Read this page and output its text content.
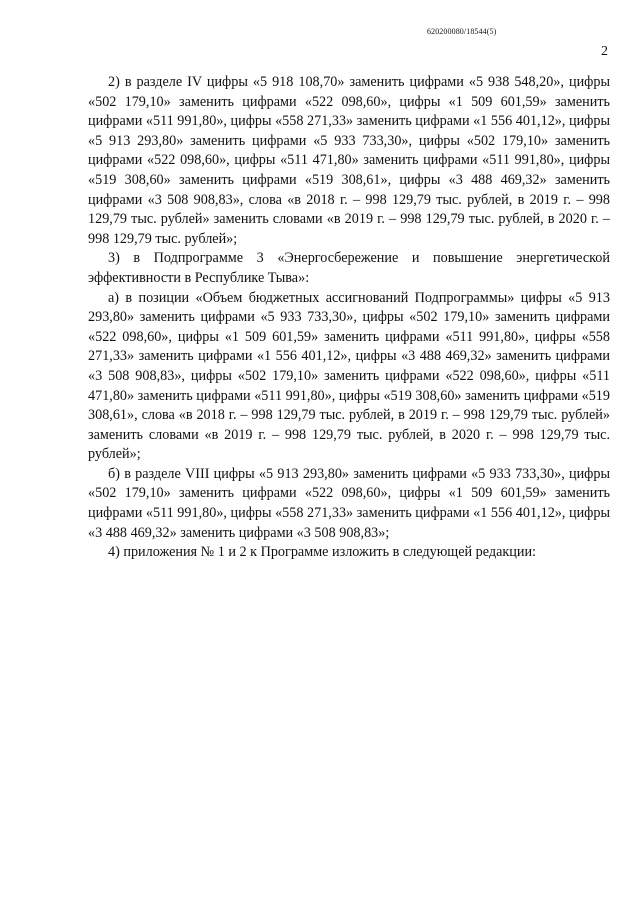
620200080/18544(5)
2

2) в разделе IV цифры «5 918 108,70» заменить цифрами «5 938 548,20», цифры «502 179,10» заменить цифрами «522 098,60», цифры «1 509 601,59» заменить цифрами «511 991,80», цифры «558 271,33» заменить цифрами «1 556 401,12», цифры «5 913 293,80» заменить цифрами «5 933 733,30», цифры «502 179,10» заменить цифрами «522 098,60», цифры «511 471,80» заменить цифрами «511 991,80», цифры «519 308,60» заменить цифрами «519 308,61», цифры «3 488 469,32» заменить цифрами «3 508 908,83», слова «в 2018 г. – 998 129,79 тыс. рублей, в 2019 г. – 998 129,79 тыс. рублей» заменить словами «в 2019 г. – 998 129,79 тыс. рублей, в 2020 г. – 998 129,79 тыс. рублей»;

3) в Подпрограмме 3 «Энергосбережение и повышение энергетической эффективности в Республике Тыва»:

а) в позиции «Объем бюджетных ассигнований Подпрограммы» цифры «5 913 293,80» заменить цифрами «5 933 733,30», цифры «502 179,10» заменить цифрами «522 098,60», цифры «1 509 601,59» заменить цифрами «511 991,80», цифры «558 271,33» заменить цифрами «1 556 401,12», цифры «3 488 469,32» заменить цифрами «3 508 908,83», цифры «502 179,10» заменить цифрами «522 098,60», цифры «511 471,80» заменить цифрами «511 991,80», цифры «519 308,60» заменить цифрами «519 308,61», слова «в 2018 г. – 998 129,79 тыс. рублей, в 2019 г. – 998 129,79 тыс. рублей» заменить словами «в 2019 г. – 998 129,79 тыс. рублей, в 2020 г. – 998 129,79 тыс. рублей»;

б) в разделе VIII цифры «5 913 293,80» заменить цифрами «5 933 733,30», цифры «502 179,10» заменить цифрами «522 098,60», цифры «1 509 601,59» заменить цифрами «511 991,80», цифры «558 271,33» заменить цифрами «1 556 401,12», цифры «3 488 469,32» заменить цифрами «3 508 908,83»;

4) приложения № 1 и 2 к Программе изложить в следующей редакции:
